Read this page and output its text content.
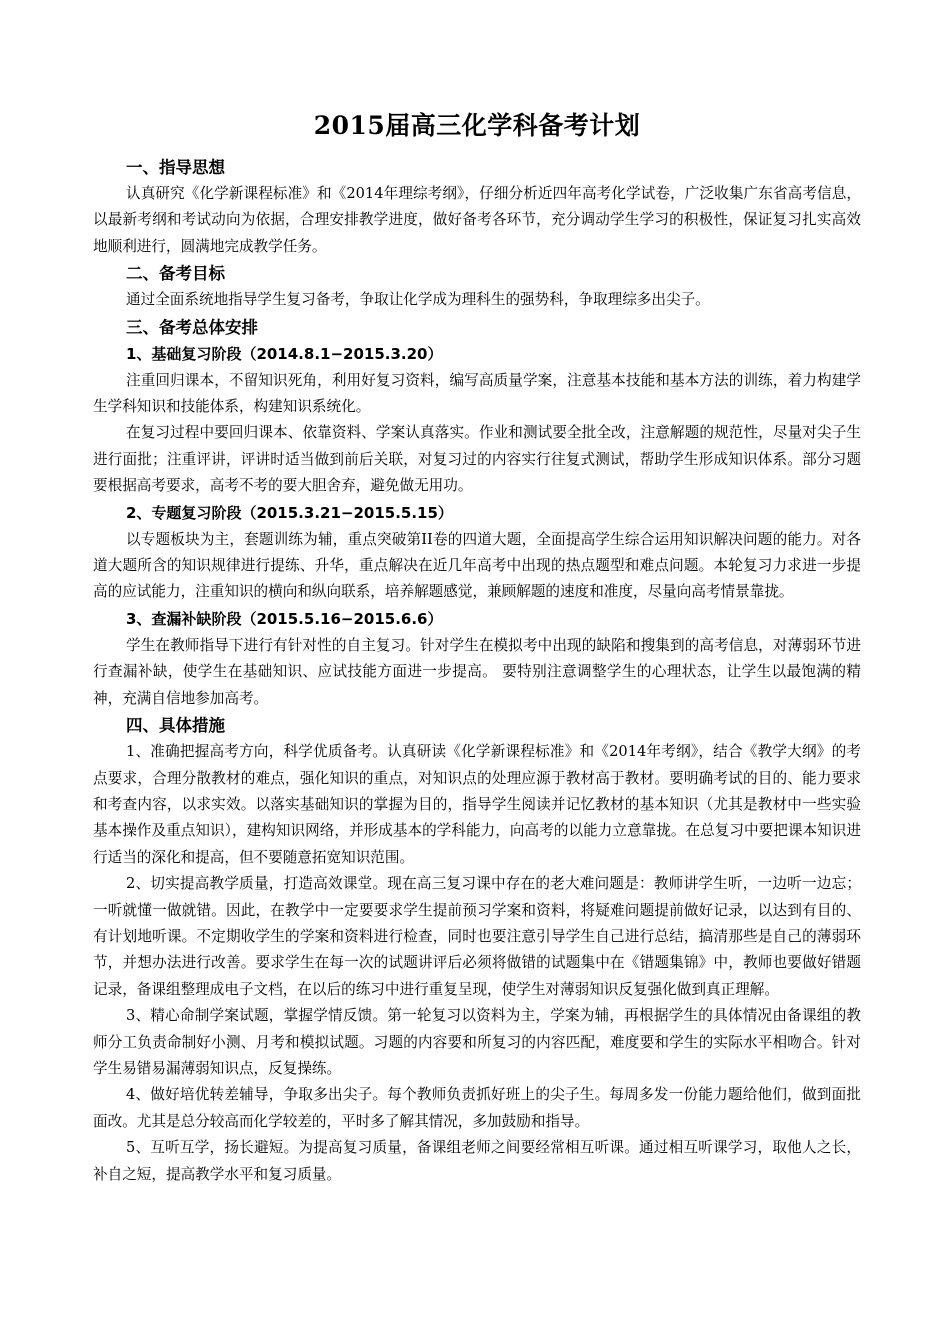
2015届高三化学科备考计划
一、指导思想
认真研究《化学新课程标准》和《2014年理综考纲》，仔细分析近四年高考化学试卷，广泛收集广东省高考信息，以最新考纲和考试动向为依据，合理安排教学进度，做好备考各环节，充分调动学生学习的积极性，保证复习扎实高效地顺利进行，圆满地完成教学任务。
二、备考目标
通过全面系统地指导学生复习备考，争取让化学成为理科生的强势科，争取理综多出尖子。
三、备考总体安排
1、基础复习阶段（2014.8.1−2015.3.20）
注重回归课本，不留知识死角，利用好复习资料，编写高质量学案，注意基本技能和基本方法的训练，着力构建学生学科知识和技能体系，构建知识系统化。
在复习过程中要回归课本、依靠资料、学案认真落实。作业和测试要全批全改，注意解题的规范性，尽量对尖子生进行面批；注重评讲，评讲时适当做到前后关联，对复习过的内容实行往复式测试，帮助学生形成知识体系。部分习题要根据高考要求，高考不考的要大胆舍弃，避免做无用功。
2、专题复习阶段（2015.3.21−2015.5.15）
以专题板块为主，套题训练为辅，重点突破第II卷的四道大题，全面提高学生综合运用知识解决问题的能力。对各道大题所含的知识规律进行提练、升华，重点解决在近几年高考中出现的热点题型和难点问题。本轮复习力求进一步提高的应试能力，注重知识的横向和纵向联系，培养解题感觉，兼顾解题的速度和准度，尽量向高考情景靠拢。
3、查漏补缺阶段（2015.5.16−2015.6.6）
学生在教师指导下进行有针对性的自主复习。针对学生在模拟考中出现的缺陷和搜集到的高考信息，对薄弱环节进行查漏补缺，使学生在基础知识、应试技能方面进一步提高。 要特别注意调整学生的心理状态，让学生以最饱满的精神，充满自信地参加高考。
四、具体措施
1、准确把握高考方向，科学优质备考。认真研读《化学新课程标准》和《2014年考纲》，结合《教学大纲》的考点要求，合理分散教材的难点，强化知识的重点，对知识点的处理应源于教材高于教材。要明确考试的目的、能力要求和考查内容，以求实效。以落实基础知识的掌握为目的，指导学生阅读并记忆教材的基本知识（尤其是教材中一些实验基本操作及重点知识），建构知识网络，并形成基本的学科能力，向高考的以能力立意靠拢。在总复习中要把课本知识进行适当的深化和提高，但不要随意拓宽知识范围。
2、切实提高教学质量，打造高效课堂。现在高三复习课中存在的老大难问题是：教师讲学生听，一边听一边忘；一听就懂一做就错。因此，在教学中一定要要求学生提前预习学案和资料，将疑难问题提前做好记录，以达到有目的、有计划地听课。不定期收学生的学案和资料进行检查，同时也要注意引导学生自己进行总结，搞清那些是自己的薄弱环节，并想办法进行改善。要求学生在每一次的试题讲评后必须将做错的试题集中在《错题集锦》中，教师也要做好错题记录，备课组整理成电子文档，在以后的练习中进行重复呈现，使学生对薄弱知识反复强化做到真正理解。
3、精心命制学案试题，掌握学情反馈。第一轮复习以资料为主，学案为辅，再根据学生的具体情况由备课组的教师分工负责命制好小测、月考和模拟试题。习题的内容要和所复习的内容匹配，难度要和学生的实际水平相吻合。针对学生易错易漏薄弱知识点，反复操练。
4、做好培优转差辅导，争取多出尖子。每个教师负责抓好班上的尖子生。每周多发一份能力题给他们，做到面批面改。尤其是总分较高而化学较差的，平时多了解其情况，多加鼓励和指导。
5、互听互学，扬长避短。为提高复习质量，备课组老师之间要经常相互听课。通过相互听课学习，取他人之长，补自之短，提高教学水平和复习质量。
